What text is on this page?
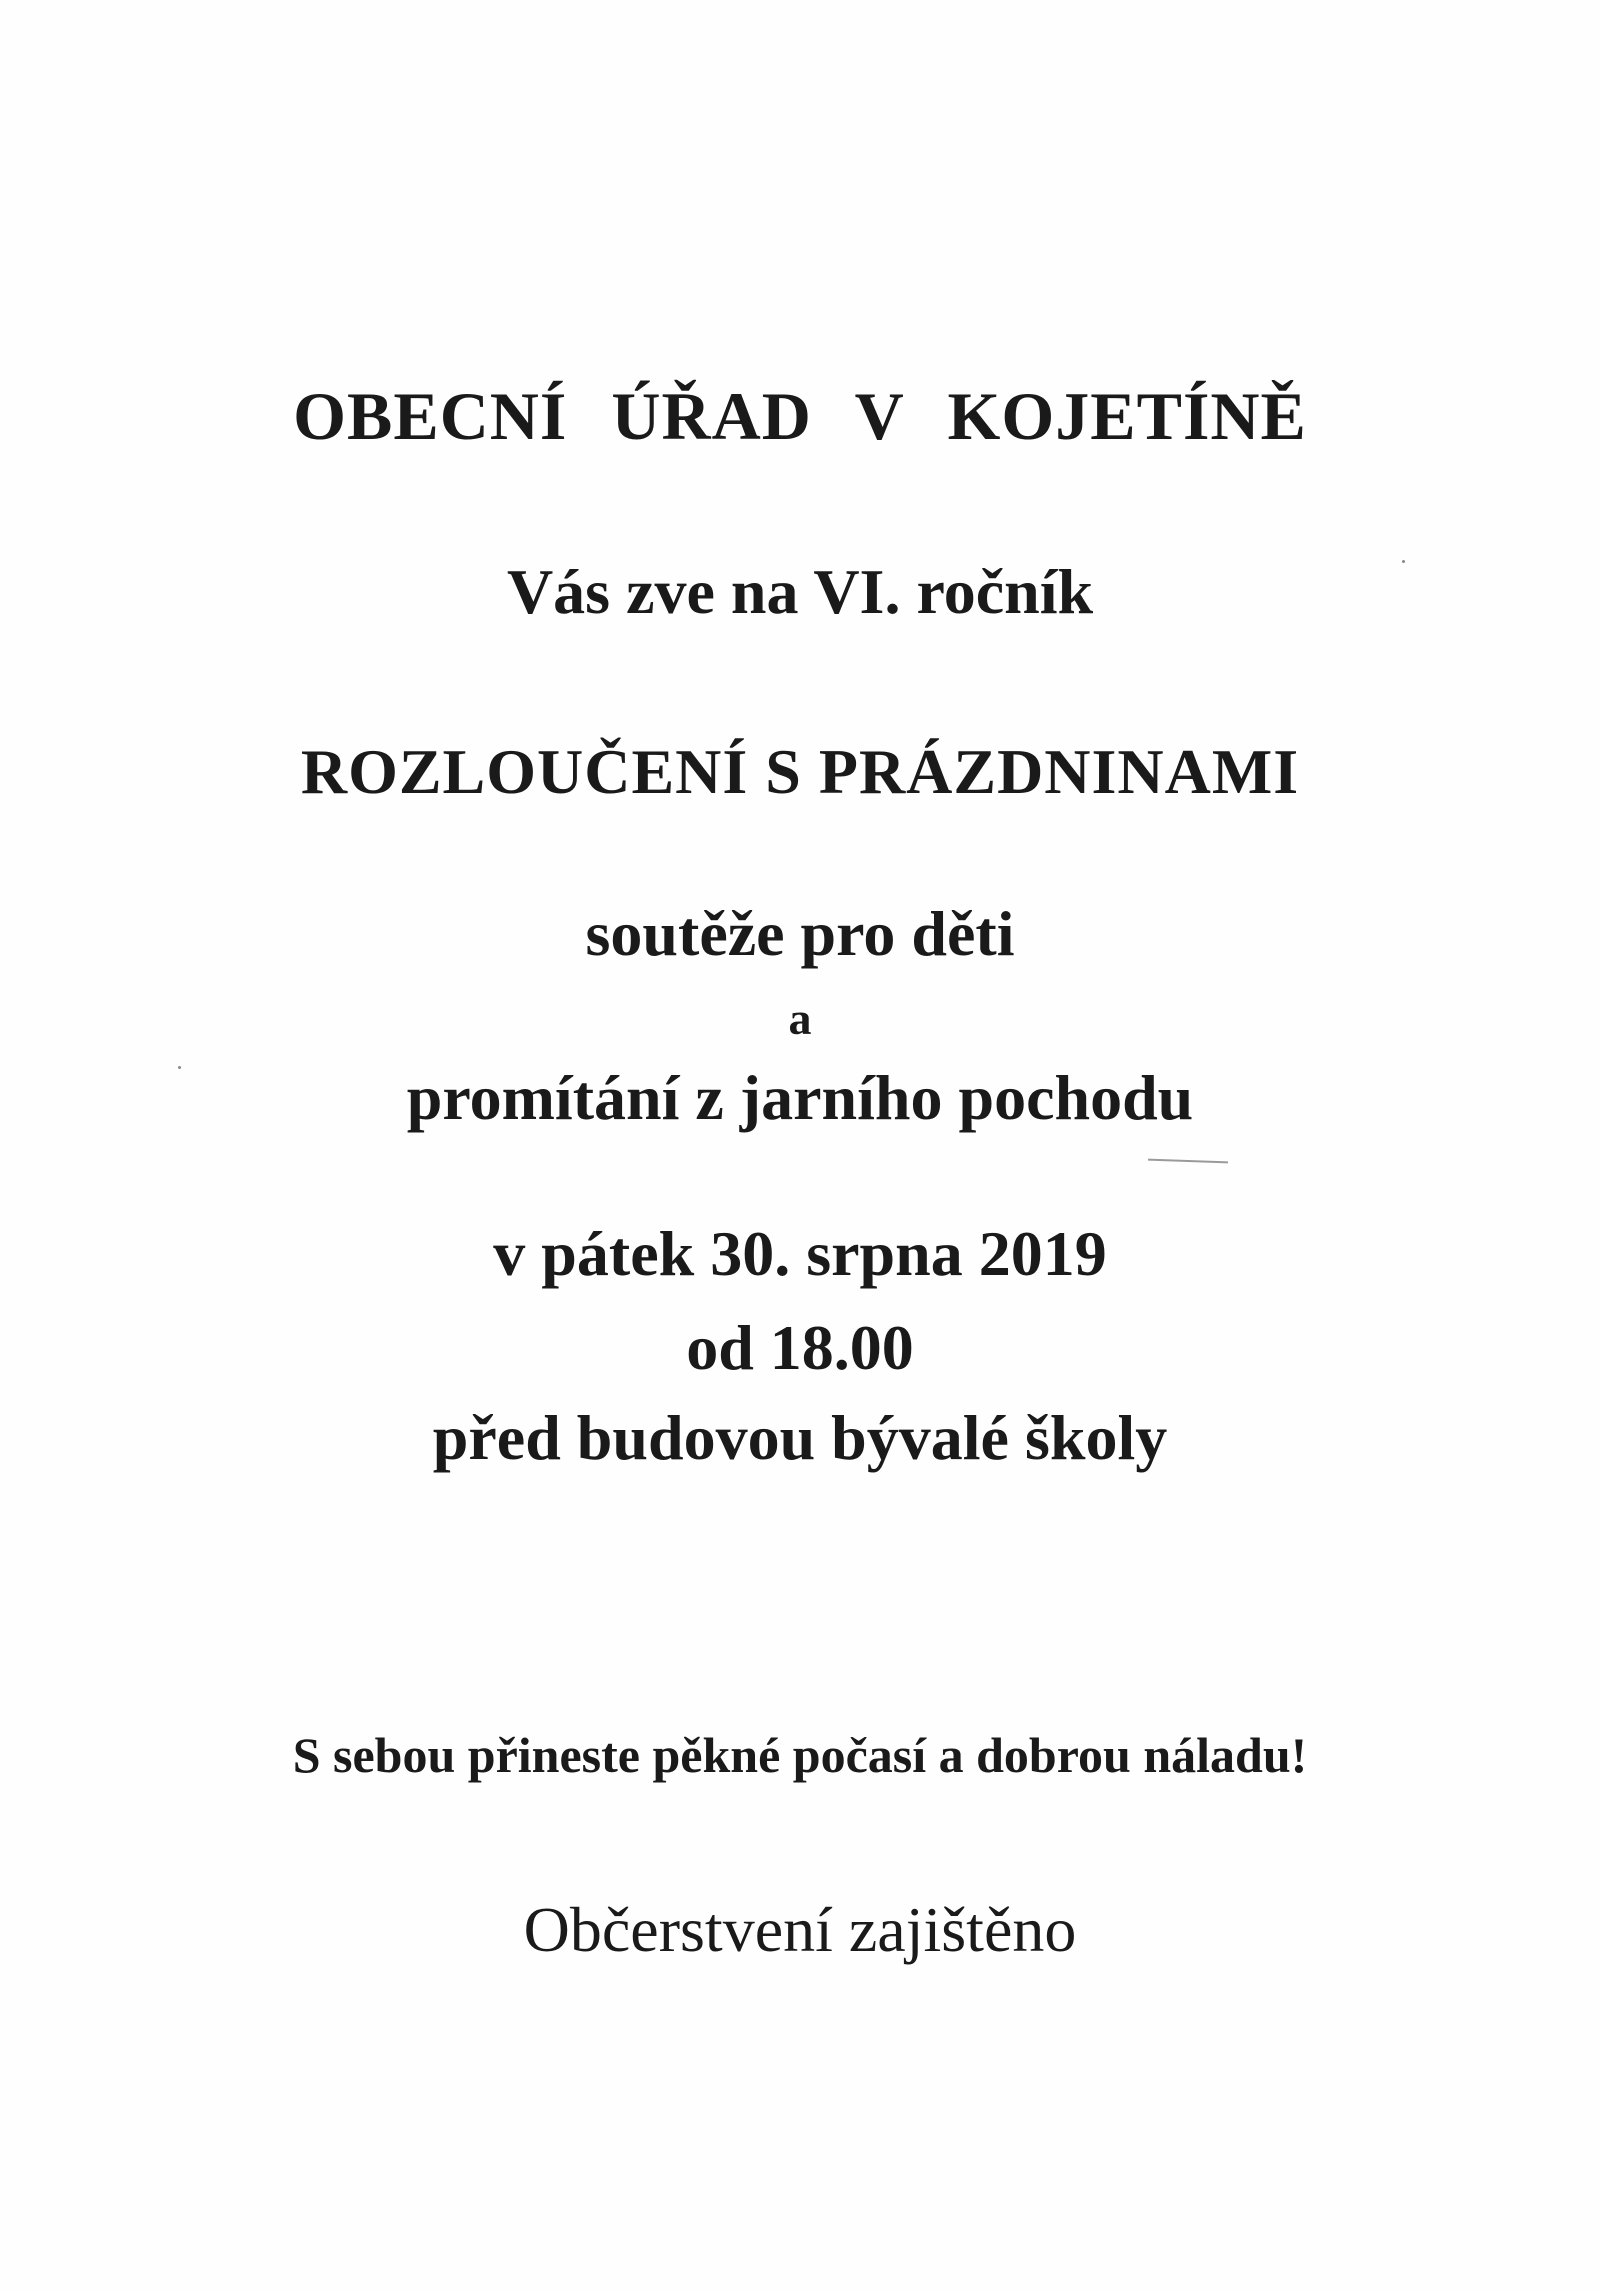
OBECNÍ ÚŘAD V KOJETÍNĚ
Vás zve na VI. ročník
ROZLOUČENÍ S PRÁZDNINAMI
soutěže pro děti
a
promítání z jarního pochodu
v pátek 30. srpna 2019
od 18.00
před budovou bývalé školy
S sebou přineste pěkné počasí a dobrou náladu!
Občerstvení zajištěno
